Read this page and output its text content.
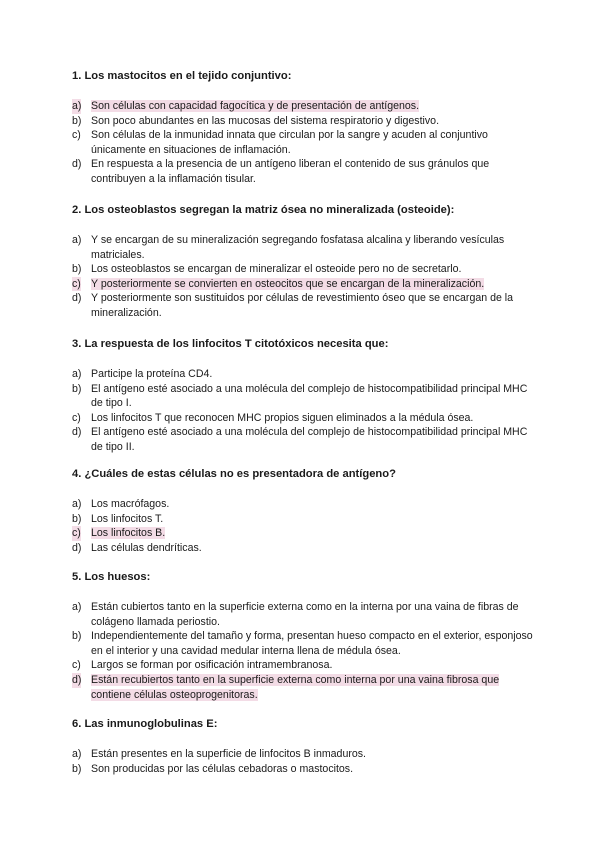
1. Los mastocitos en el tejido conjuntivo:
a) Son células con capacidad fagocítica y de presentación de antígenos.
b) Son poco abundantes en las mucosas del sistema respiratorio y digestivo.
c) Son células de la inmunidad innata que circulan por la sangre y acuden al conjuntivo únicamente en situaciones de inflamación.
d) En respuesta a la presencia de un antígeno liberan el contenido de sus gránulos que contribuyen a la inflamación tisular.
2. Los osteoblastos segregan la matriz ósea no mineralizada (osteoide):
a) Y se encargan de su mineralización segregando fosfatasa alcalina y liberando vesículas matriciales.
b) Los osteoblastos se encargan de mineralizar el osteoide pero no de secretarlo.
c) Y posteriormente se convierten en osteocitos que se encargan de la mineralización.
d) Y posteriormente son sustituidos por células de revestimiento óseo que se encargan de la mineralización.
3. La respuesta de los linfocitos T citotóxicos necesita que:
a) Participe la proteína CD4.
b) El antígeno esté asociado a una molécula del complejo de histocompatibilidad principal MHC de tipo I.
c) Los linfocitos T que reconocen MHC propios siguen eliminados a la médula ósea.
d) El antígeno esté asociado a una molécula del complejo de histocompatibilidad principal MHC de tipo II.
4. ¿Cuáles de estas células no es presentadora de antígeno?
a) Los macrófagos.
b) Los linfocitos T.
c) Los linfocitos B.
d) Las células dendríticas.
5. Los huesos:
a) Están cubiertos tanto en la superficie externa como en la interna por una vaina de fibras de colágeno llamada periostio.
b) Independientemente del tamaño y forma, presentan hueso compacto en el exterior, esponjoso en el interior y una cavidad medular interna llena de médula ósea.
c) Largos se forman por osificación intramembranosa.
d) Están recubiertos tanto en la superficie externa como interna por una vaina fibrosa que contiene células osteoprogenitoras.
6. Las inmunoglobulinas E:
a) Están presentes en la superficie de linfocitos B inmaduros.
b) Son producidas por las células cebadoras o mastocitos.
